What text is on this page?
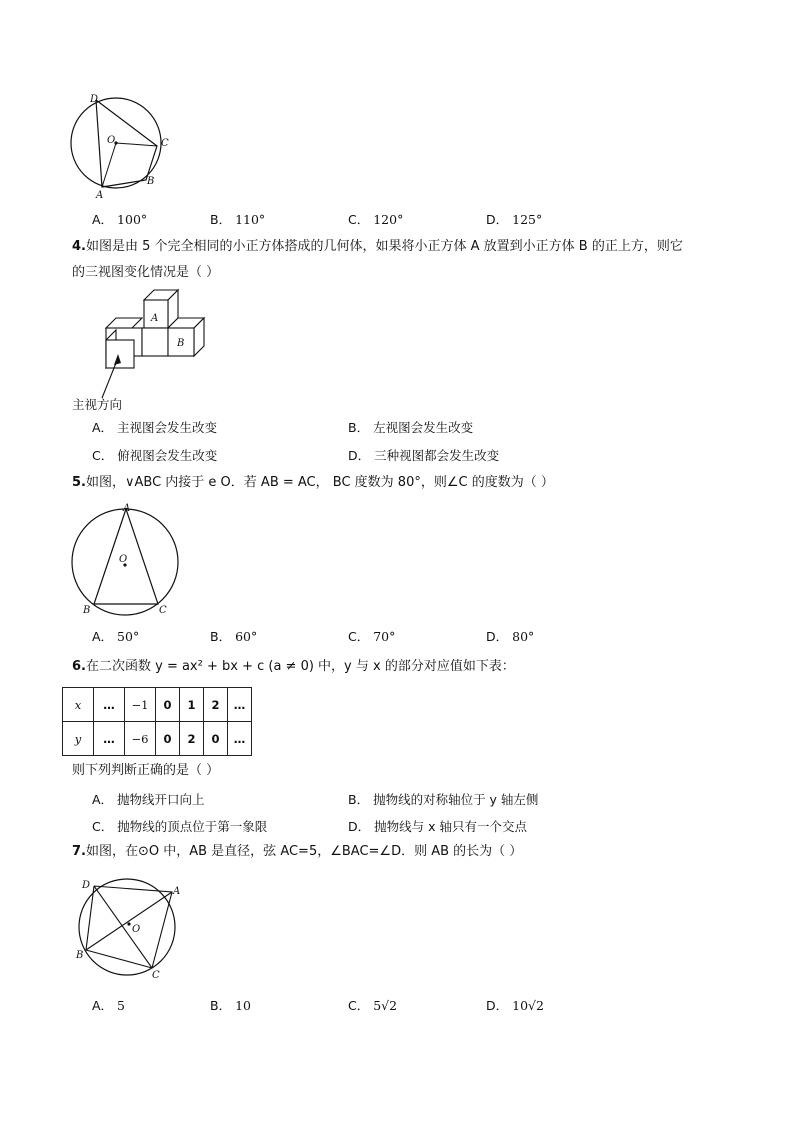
D
O	C
A
B
A． 100°	B． 110°	C． 120°	D． 125°
4.如图是由 5 个完全相同的小正方体搭成的几何体，如果将小正方体 A 放置到小正方体 B 的正上方，则它
的三视图变化情况是（ ）
A
B
主视方向
A． 主视图会发生改变	B． 左视图会发生改变
C． 俯视图会发生改变	D． 三种视图都会发生改变
5.如图，∨ABC 内接于 e O．若 AB = AC， BC 度数为 80°，则∠C 的度数为（ ）
A
O
B	C
A． 50°	B． 60°	C． 70°	D． 80°
6.在二次函数 y = ax² + bx + c (a ≠ 0) 中，y 与 x 的部分对应值如下表：
x	…	−1	0	1	2	…
y	…	−6	0	2	0	…
则下列判断正确的是（ ）
A． 抛物线开口向上	B． 抛物线的对称轴位于 y 轴左侧
C． 抛物线的顶点位于第一象限	D． 抛物线与 x 轴只有一个交点
7.如图，在⊙O 中，AB 是直径，弦 AC=5，∠BAC=∠D．则 AB 的长为（ ）
D
A
O
B
C
A． 5	B． 10	C． 5√2	D． 10√2
